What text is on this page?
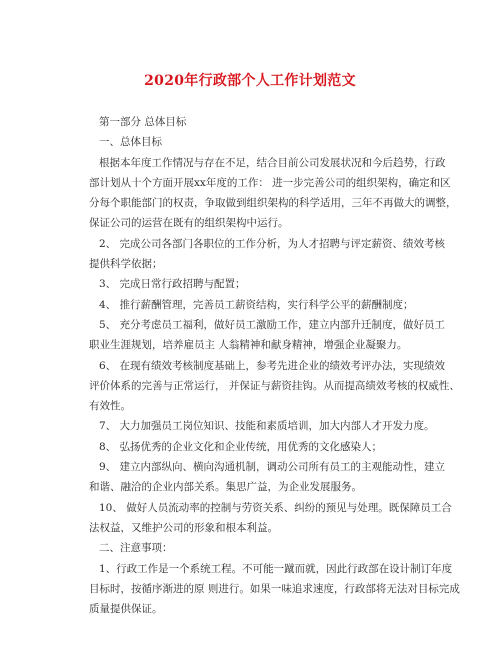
2020年行政部个人工作计划范文
第一部分 总体目标
一、总体目标
根据本年度工作情况与存在不足，结合目前公司发展状况和今后趋势，行政
部计划从十个方面开展xx年度的工作： 进一步完善公司的组织架构，确定和区
分每个职能部门的权责，争取做到组织架构的科学适用，三年不再做大的调整，
保证公司的运营在既有的组织架构中运行。
2、 完成公司各部门各职位的工作分析，为人才招聘与评定薪资、绩效考核
提供科学依据；
3、 完成日常行政招聘与配置；
4、 推行薪酬管理，完善员工薪资结构，实行科学公平的薪酬制度；
5、 充分考虑员工福利，做好员工激励工作，建立内部升迁制度，做好员工
职业生涯规划，培养雇员主 人翁精神和献身精神，增强企业凝聚力。
6、 在现有绩效考核制度基础上，参考先进企业的绩效考评办法，实现绩效
评价体系的完善与正常运行， 并保证与薪资挂钩。从而提高绩效考核的权威性、
有效性。
7、 大力加强员工岗位知识、技能和素质培训，加大内部人才开发力度。
8、 弘扬优秀的企业文化和企业传统，用优秀的文化感染人；
9、 建立内部纵向、横向沟通机制，调动公司所有员工的主观能动性，建立
和谐、融洽的企业内部关系。集思广益，为企业发展服务。
10、 做好人员流动率的控制与劳资关系、纠纷的预见与处理。既保障员工合
法权益，又维护公司的形象和根本利益。
二、注意事项：
1、行政工作是一个系统工程。不可能一蹴而就，因此行政部在设计制订年度
目标时，按循序渐进的原 则进行。如果一味追求速度，行政部将无法对目标完成
质量提供保证。
